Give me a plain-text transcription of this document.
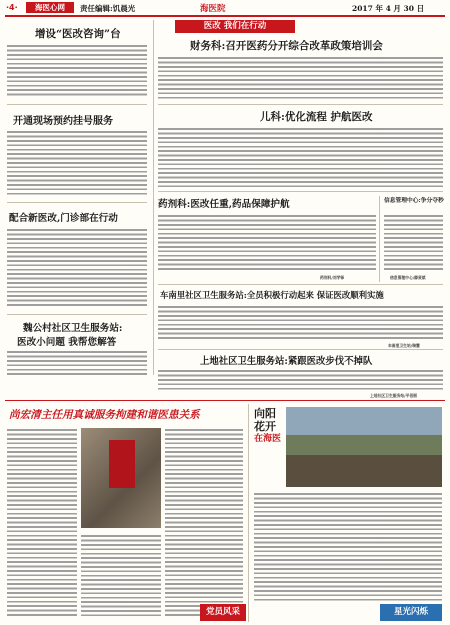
·4·	海医心网	责任编辑:饥晨光	海医院	2017 年 4 月 30 日
增设“医改咨询”台
开通现场预约挂号服务
配合新医改,门诊部在行动
魏公村社区卫生服务站:
医改小问题 我帮您解答
医改 我们在行动
财务科:召开医药分开综合改革政策培训会
儿科:优化流程 护航医改
药剂科:医改任重,药品保障护航
药剂科/刘学铎
信息管理中心:争分夺秒
信息管理中心/滕贤斌
车南里社区卫生服务站:全员积极行动起来 保证医改顺利实施
车南里卫生站/瑞慧
上地社区卫生服务站:紧跟医改步伐不掉队
上地社区卫生服务站/平佰丽
尚宏清主任用真诚服务拘建和谐医患关系	向阳
花开
在海医
党员风采	星光闪烁
